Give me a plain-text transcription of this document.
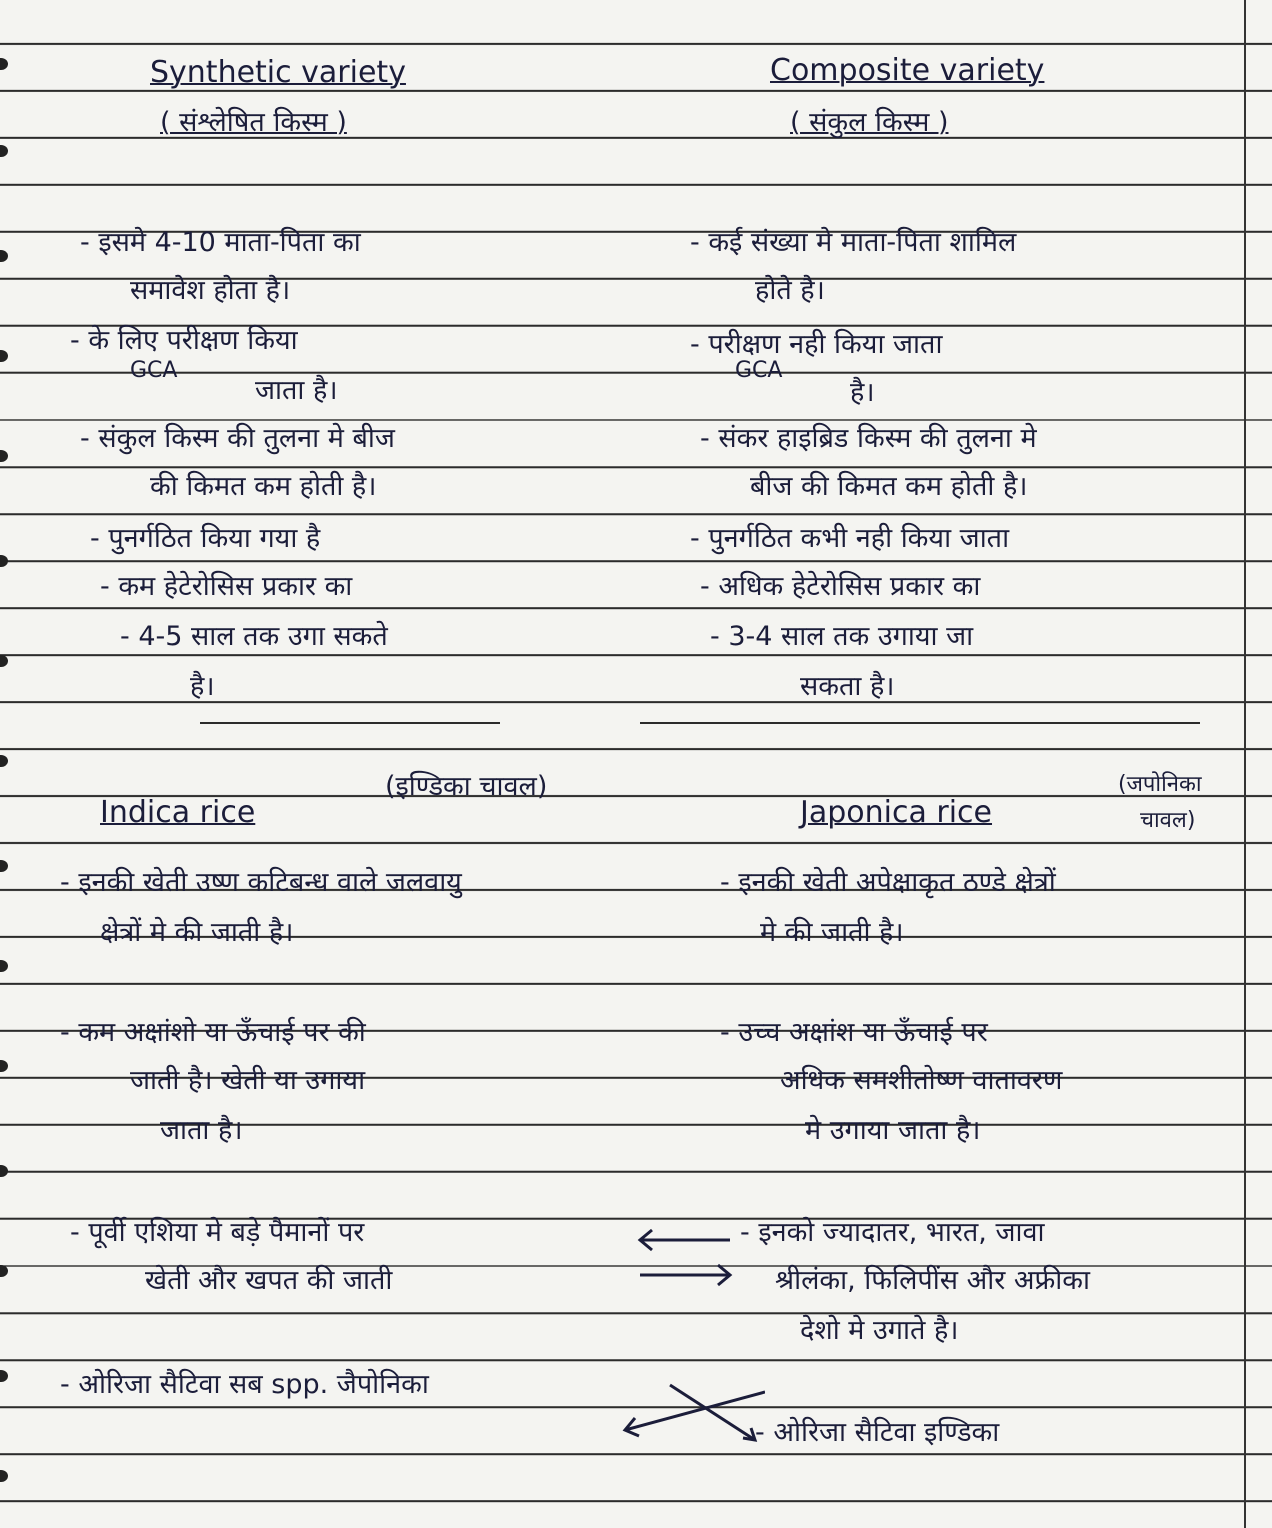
Synthetic variety
( संश्लेषित किस्म )
- इसमे 4-10 माता-पिता का
समावेश होता है।
- के लिए परीक्षण किया
GCA
जाता है।
- संकुल किस्म की तुलना मे बीज
की किमत कम होती है।
- पुनर्गठित किया गया है
- कम हेटेरोसिस प्रकार का
- 4-5 साल तक उगा सकते
है।
Composite variety
( संकुल किस्म )
- कई संख्या मे माता-पिता शामिल
होते है।
- परीक्षण नही किया जाता
GCA
है।
- संकर हाइब्रिड किस्म की तुलना मे
बीज की किमत कम होती है।
- पुनर्गठित कभी नही किया जाता
- अधिक हेटेरोसिस प्रकार का
- 3-4 साल तक उगाया जा
सकता है।
Indica rice
(इण्डिका चावल)
- इनकी खेती उष्ण कटिबन्ध वाले जलवायु
क्षेत्रों मे की जाती है।
- कम अक्षांशो या ऊँचाई पर की
जाती है। खेती या उगाया
जाता है।
- पूर्वी एशिया मे बड़े पैमानों पर
खेती और खपत की जाती
- ओरिजा सैटिवा सब spp. जैपोनिका
Japonica rice
(जपोनिका
चावल)
- इनकी खेती अपेक्षाकृत ठण्डे क्षेत्रों
मे की जाती है।
- उच्च अक्षांश या ऊँचाई पर
अधिक समशीतोष्ण वातावरण
मे उगाया जाता है।
- इनको ज्यादातर, भारत, जावा
श्रीलंका, फिलिपींस और अफ्रीका
देशो मे उगाते है।
- ओरिजा सैटिवा इण्डिका
